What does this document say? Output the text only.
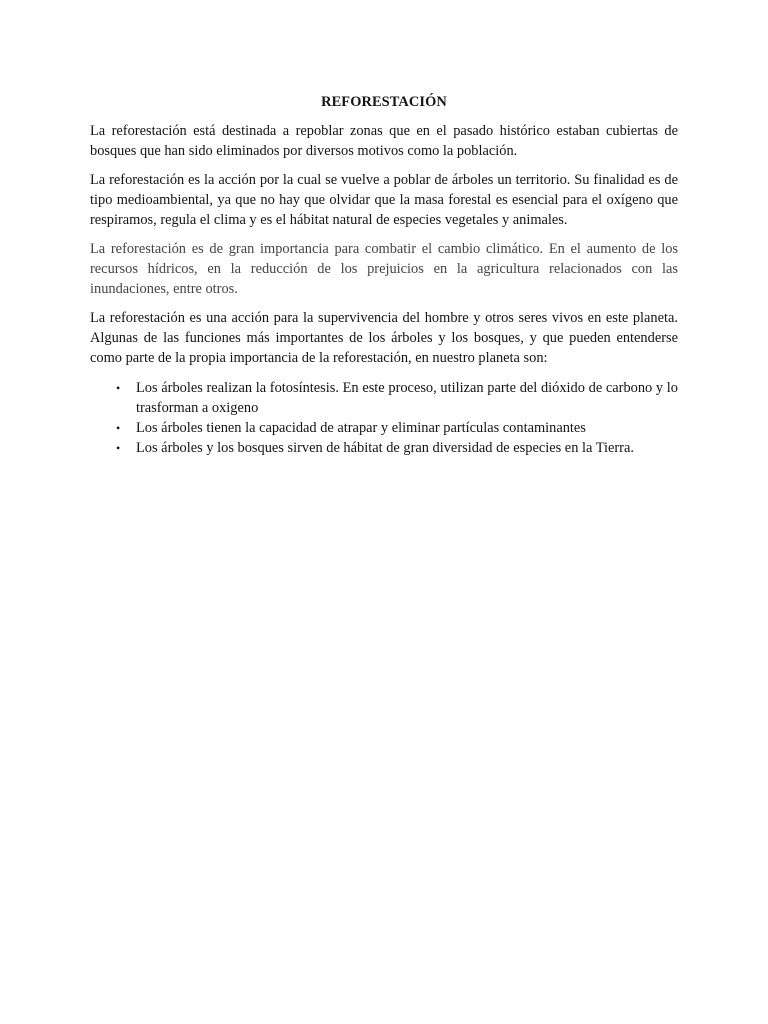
REFORESTACIÓN

La reforestación está destinada a repoblar zonas que en el pasado histórico estaban cubiertas de bosques que han sido eliminados por diversos motivos como la población.

La reforestación es la acción por la cual se vuelve a poblar de árboles un territorio. Su finalidad es de tipo medioambiental, ya que no hay que olvidar que la masa forestal es esencial para el oxígeno que respiramos, regula el clima y es el hábitat natural de especies vegetales y animales.

La reforestación es de gran importancia para combatir el cambio climático. En el aumento de los recursos hídricos, en la reducción de los prejuicios en la agricultura relacionados con las inundaciones, entre otros.

La reforestación es una acción para la supervivencia del hombre y otros seres vivos en este planeta. Algunas de las funciones más importantes de los árboles y los bosques, y que pueden entenderse como parte de la propia importancia de la reforestación, en nuestro planeta son:

• Los árboles realizan la fotosíntesis. En este proceso, utilizan parte del dióxido de carbono y lo trasforman a oxigeno
• Los árboles tienen la capacidad de atrapar y eliminar partículas contaminantes
• Los árboles y los bosques sirven de hábitat de gran diversidad de especies en la Tierra.
